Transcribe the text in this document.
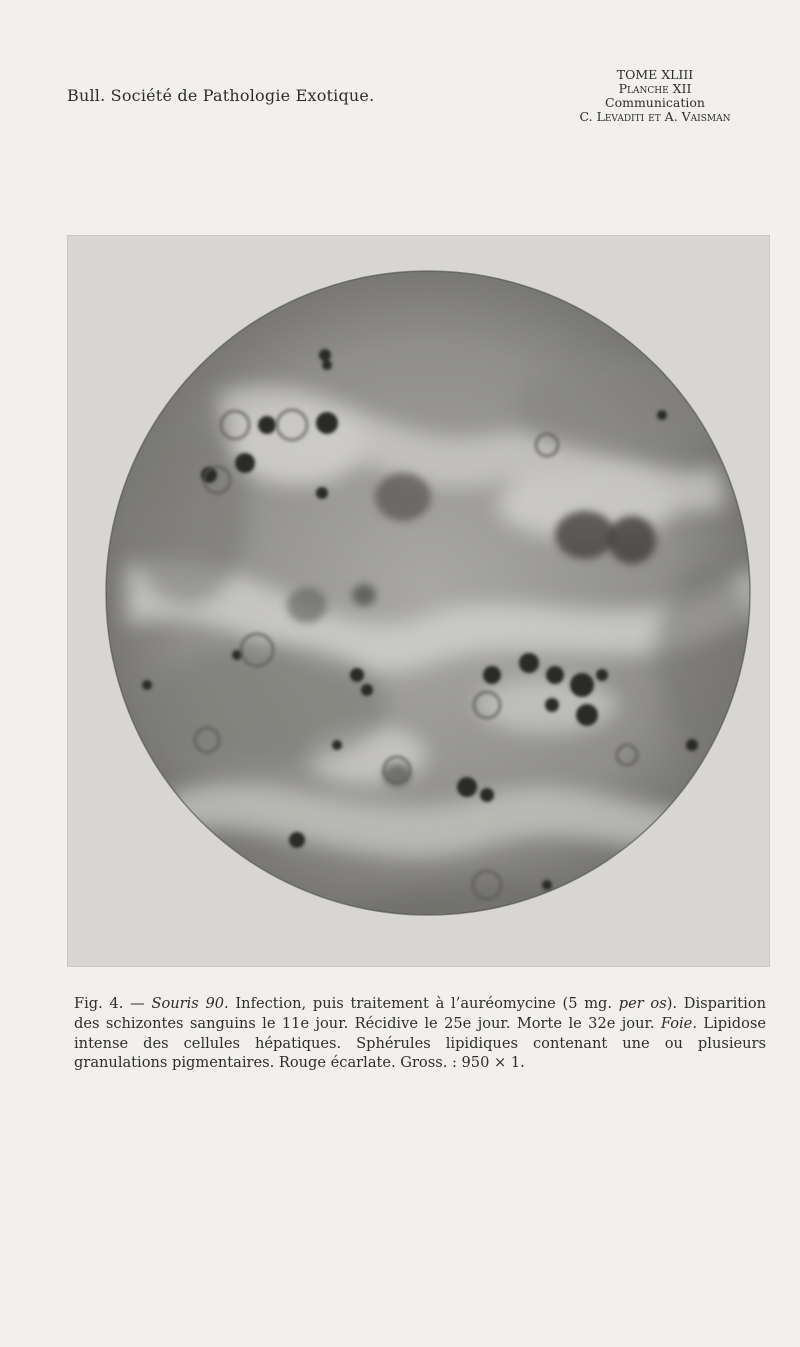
Bull. Société de Pathologie Exotique.
TOME XLIII
Planche XII
Communication
C. Levaditi et A. Vaisman
Fig. 4. — Souris 90. Infection, puis traitement à l’auréomycine (5 mg. per os). Disparition des schizontes sanguins le 11e jour. Récidive le 25e jour. Morte le 32e jour. Foie. Lipidose intense des cellules hépatiques. Sphérules lipidiques contenant une ou plusieurs granulations pigmentaires. Rouge écarlate. Gross. : 950 × 1.
